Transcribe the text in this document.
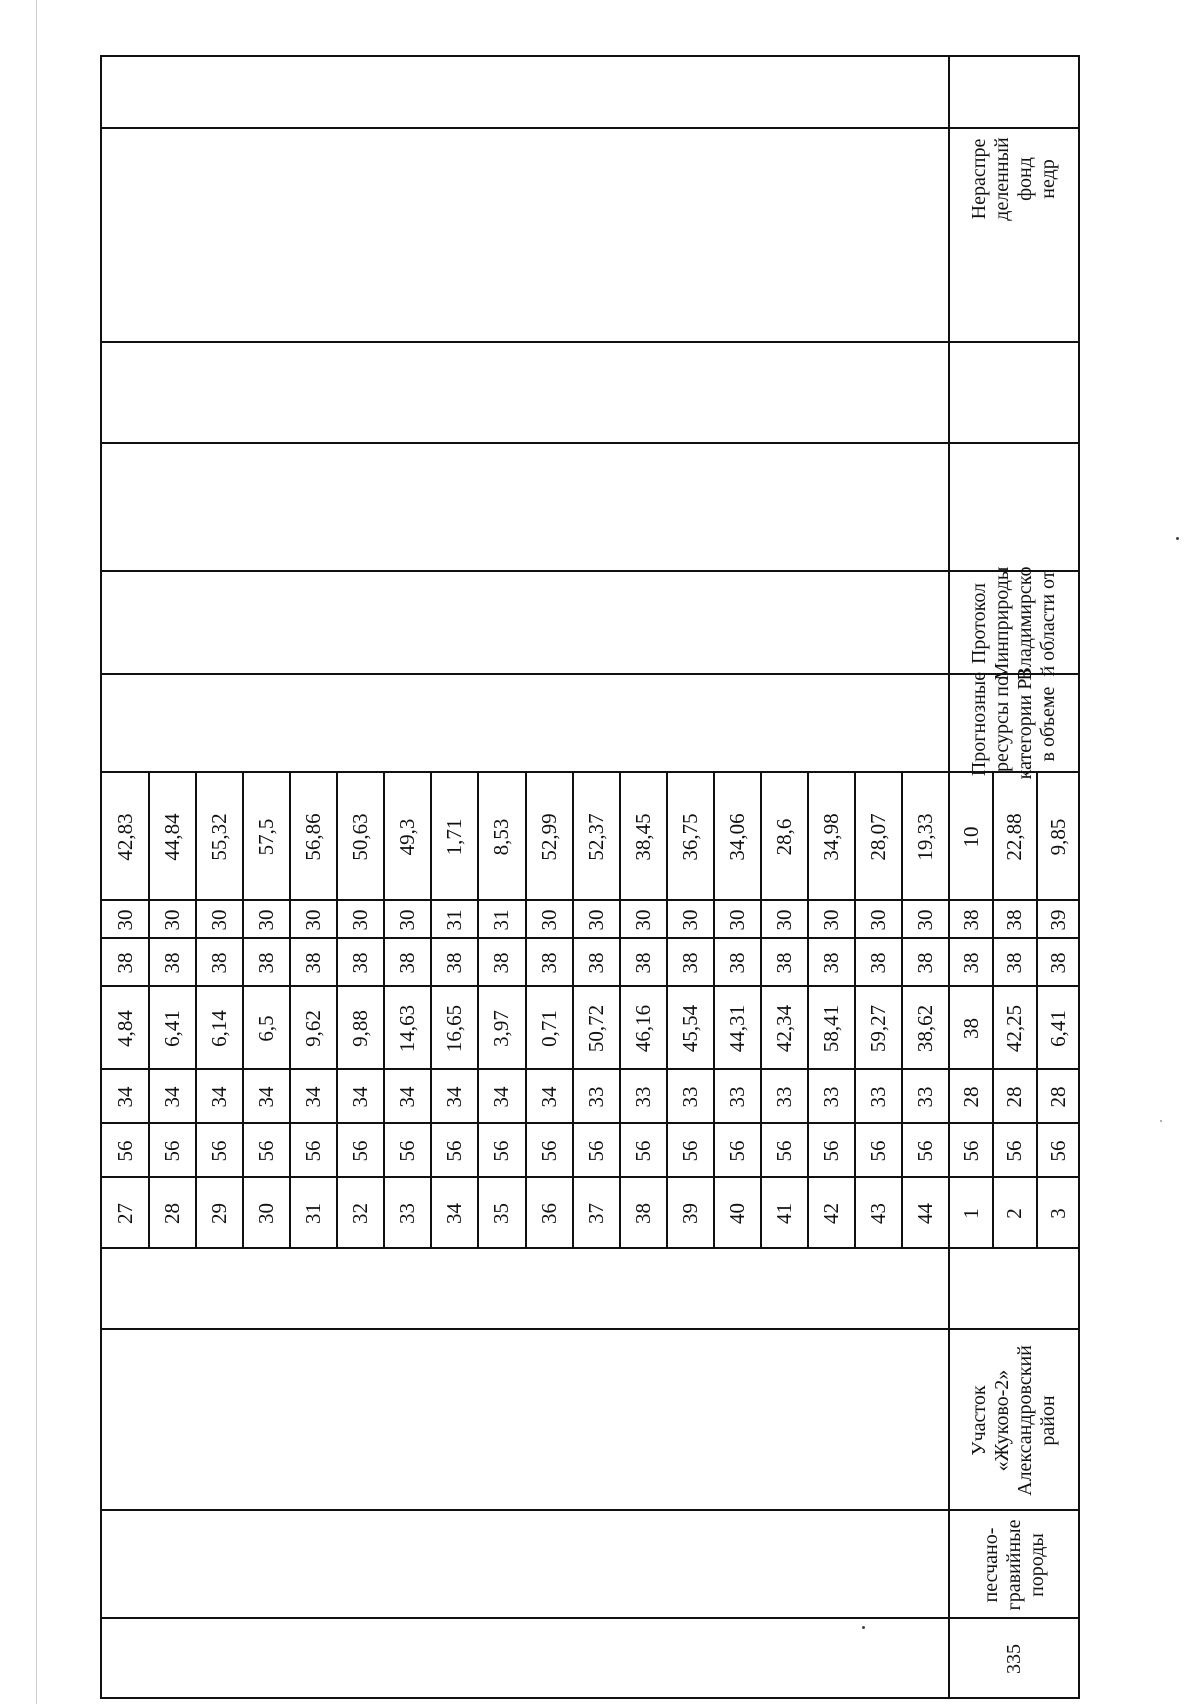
27
56
34
4,84
38
30
42,83
28
56
34
6,41
38
30
44,84
29
56
34
6,14
38
30
55,32
30
56
34
6,5
38
30
57,5
31
56
34
9,62
38
30
56,86
32
56
34
9,88
38
30
50,63
33
56
34
14,63
38
30
49,3
34
56
34
16,65
38
31
1,71
35
56
34
3,97
38
31
8,53
36
56
34
0,71
38
30
52,99
37
56
33
50,72
38
30
52,37
38
56
33
46,16
38
30
38,45
39
56
33
45,54
38
30
36,75
40
56
33
44,31
38
30
34,06
41
56
33
42,34
38
30
28,6
42
56
33
58,41
38
30
34,98
43
56
33
59,27
38
30
28,07
44
56
33
38,62
38
30
19,33
1
56
28
38
38
38
10
2
56
28
42,25
38
38
22,88
3
56
28
6,41
38
39
9,85
335
песчано- гравийные породы
Участок «Жуково-2» Александровский район
Прогнозные ресурсы по категории Р3 в объеме
Протокол Минприроды Владимирско й области от
Нераспре деленный фонд недр
